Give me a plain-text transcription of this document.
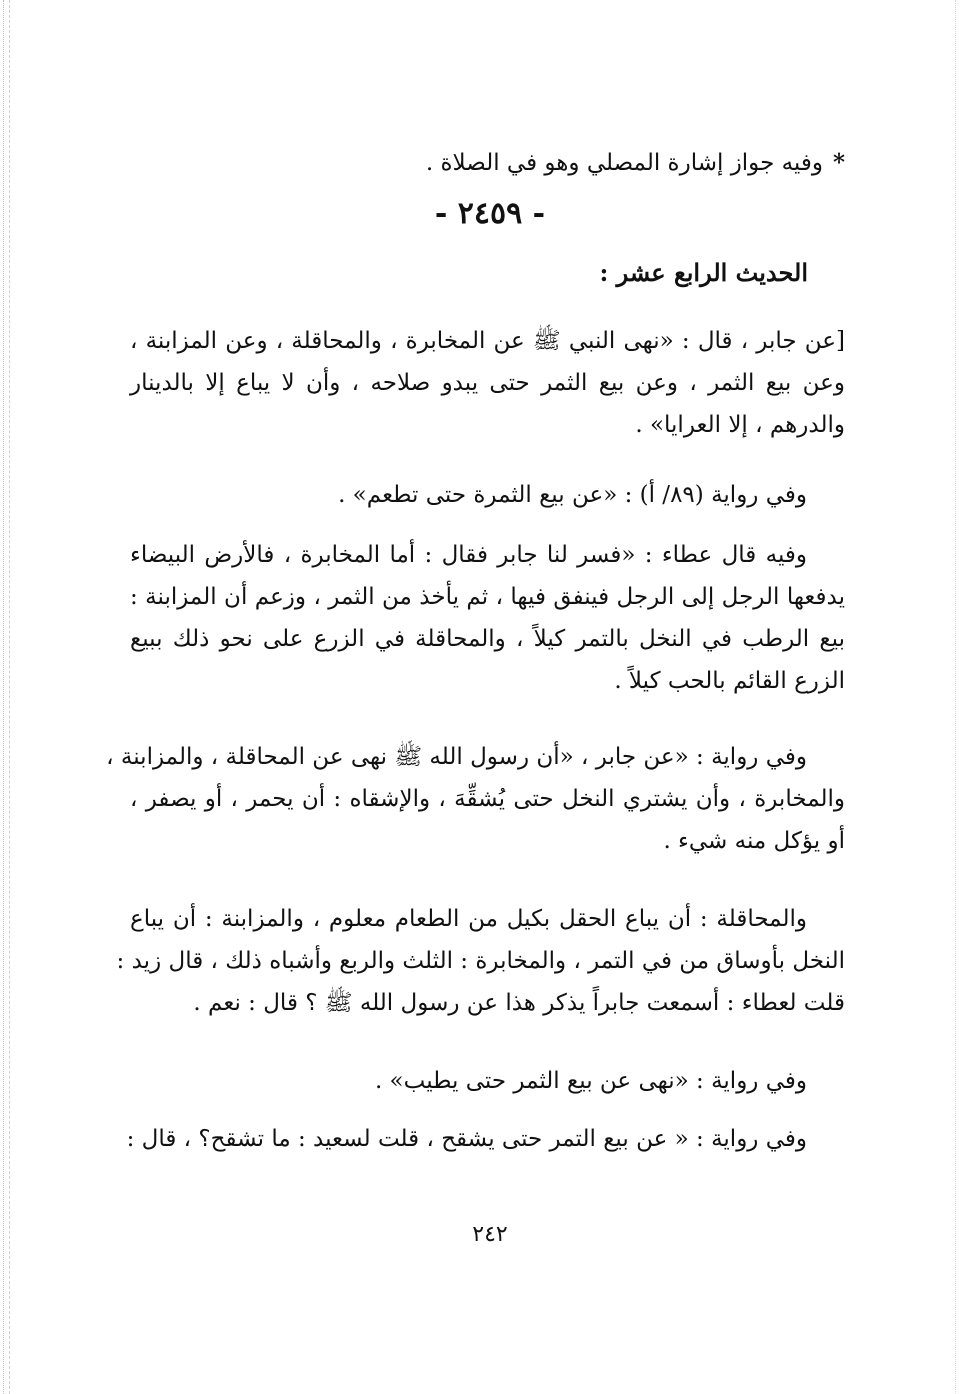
*وفيه جواز إشارة المصلي وهو في الصلاة .
- ٢٤٥٩ -
الحديث الرابع عشر :
[عن جابر ، قال : «نهى النبي ﷺ عن المخابرة ، والمحاقلة ، وعن المزابنة ،
وعن بيع الثمر ، وعن بيع الثمر حتى يبدو صلاحه ، وأن لا يباع إلا بالدينار
والدرهم ، إلا العرايا» .
وفي رواية (٨٩/ أ) : «عن بيع الثمرة حتى تطعم» .
وفيه قال عطاء : «فسر لنا جابر فقال : أما المخابرة ، فالأرض البيضاء
يدفعها الرجل إلى الرجل فينفق فيها ، ثم يأخذ من الثمر ، وزعم أن المزابنة :
بيع الرطب في النخل بالتمر كيلاً ، والمحاقلة في الزرع على نحو ذلك ببيع
الزرع القائم بالحب كيلاً .
وفي رواية : «عن جابر ، «أن رسول الله ﷺ نهى عن المحاقلة ، والمزابنة ،
والمخابرة ، وأن يشتري النخل حتى يُشقِّهَ ، والإشقاه : أن يحمر ، أو يصفر ،
أو يؤكل منه شيء .
والمحاقلة : أن يباع الحقل بكيل من الطعام معلوم ، والمزابنة : أن يباع
النخل بأوساق من في التمر ، والمخابرة : الثلث والربع وأشباه ذلك ، قال زيد :
قلت لعطاء : أسمعت جابراً يذكر هذا عن رسول الله ﷺ ؟ قال : نعم .
وفي رواية : «نهى عن بيع الثمر حتى يطيب» .
وفي رواية : « عن بيع التمر حتى يشقح ، قلت لسعيد : ما تشقح؟ ، قال :
٢٤٢
